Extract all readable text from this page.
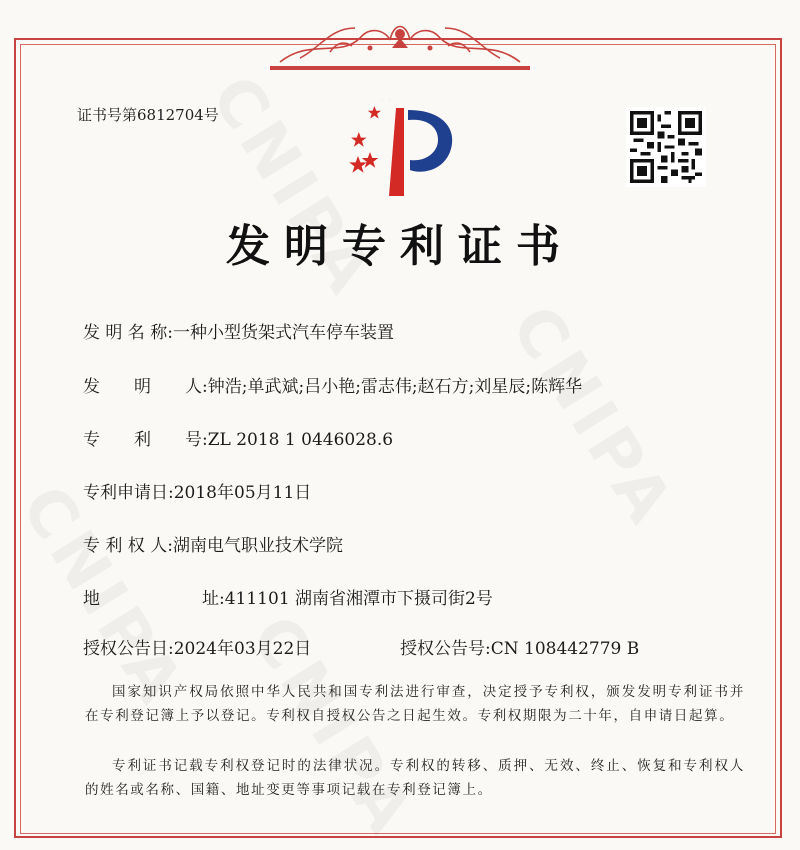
证书号第6812704号
发明专利证书
发 明 名 称:一种小型货架式汽车停车装置
发　　明　　人:钟浩;单武斌;吕小艳;雷志伟;赵石方;刘星辰;陈辉华
专　　利　　号:ZL 2018 1 0446028.6
专利申请日:2018年05月11日
专 利 权 人:湖南电气职业技术学院
地　　　　　　址:411101 湖南省湘潭市下摄司街2号
授权公告日:2024年03月22日	授权公告号:CN 108442779 B
国家知识产权局依照中华人民共和国专利法进行审查，决定授予专利权，颁发发明专利证书并在专利登记簿上予以登记。专利权自授权公告之日起生效。专利权期限为二十年，自申请日起算。
专利证书记载专利权登记时的法律状况。专利权的转移、质押、无效、终止、恢复和专利权人的姓名或名称、国籍、地址变更等事项记载在专利登记簿上。
